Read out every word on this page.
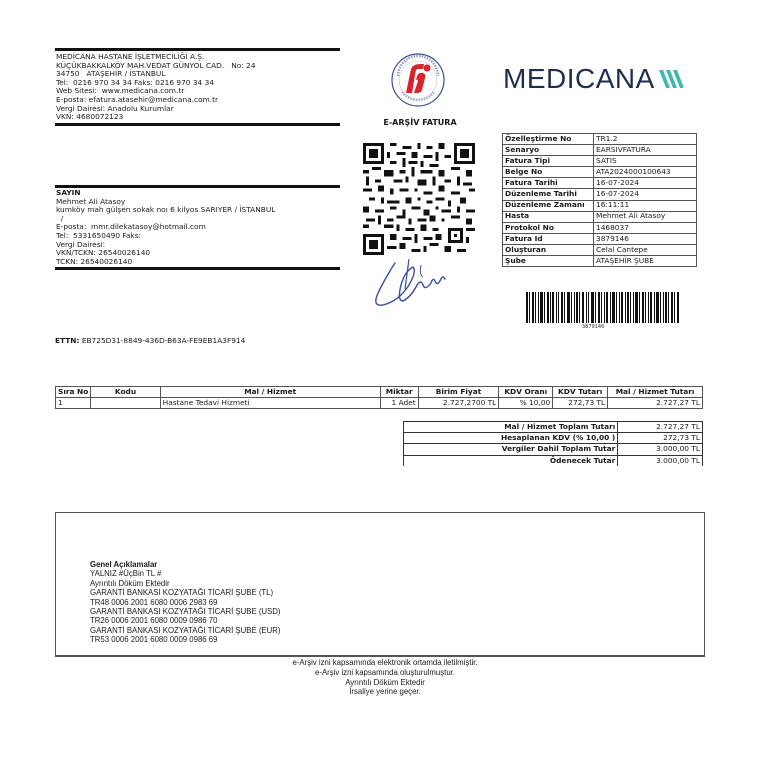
MEDİCANA HASTANE İŞLETMECİLİĞİ A.Ş.
KÜÇÜKBAKKALKÖY MAH.VEDAT GÜNYOL CAD.   No: 24
34750   ATAŞEHİR / İSTANBUL
Tel:  0216 970 34 34 Faks: 0216 970 34 34
Web Sitesi:  www.medicana.com.tr
E-posta: efatura.atasehir@medicana.com.tr
Vergi Dairesi: Anadolu Kurumlar
VKN: 4680072123
E-ARŞİV FATURA
MEDICANA
Özelleştirme No	TR1.2
Senaryo	EARSIVFATURA
Fatura Tipi	SATIS
Belge No	ATA2024000100643
Fatura Tarihi	16-07-2024
Düzenleme Tarihi	16-07-2024
Düzenleme Zamanı	16:11:11
Hasta	Mehmet Ali Atasoy
Protokol No	1468037
Fatura Id	3879146
Oluşturan	Celal Cantepe
Şube	ATAŞEHİR ŞUBE
3879146
ETTN: EB725D31-8849-436D-B63A-FE9EB1A3F914
Sıra No	Kodu	Mal / Hizmet	Miktar	Birim Fiyat	KDV Oranı	KDV Tutarı	Mal / Hizmet Tutarı
1		Hastane Tedavi Hizmeti	1 Adet	2.727,2700 TL	% 10,00	272,73 TL	2.727,27 TL
Mal / Hizmet Toplam Tutarı	2.727,27 TL
Hesaplanan KDV (% 10,00 )	272,73 TL
Vergiler Dahil Toplam Tutar	3.000,00 TL
Ödenecek Tutar	3.000,00 TL
SAYIN
Mehmet Ali Atasoy
kumköy mah gülşen sokak nоı 6 kilyos SARIYER / İSTANBUL
/
E-posta:  mmr.dilekatasoy@hotmail.com
Tel:  5331650490 Faks:
Vergi Dairesi:
VKN/TCKN: 26540026140
TCKN: 26540026140
Genel Açıklamalar
YALNIZ #ÜçBin TL #
Ayrıntılı Döküm Ektedir
GARANTİ BANKASI KOZYATAĞI TİCARİ ŞUBE (TL)
TR48 0006 2001 6080 0006 2983 69
GARANTİ BANKASI KOZYATAĞI TİCARİ ŞUBE (USD)
TR26 0006 2001 6080 0009 0986 70
GARANTİ BANKASI KOZYATAĞI TİCARİ ŞUBE (EUR)
TR53 0006 2001 6080 0009 0986 69
e-Arşiv izni kapsamında elektronik ortamda iletilmiştir.
e-Arşiv izni kapsamında oluşturulmuştur.
Ayrıntılı Döküm Ektedir
İrsaliye yerine geçer.
